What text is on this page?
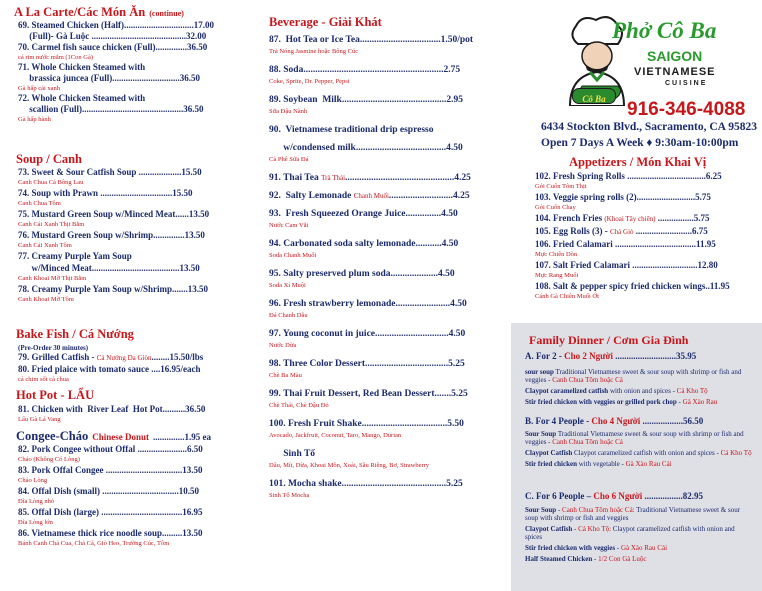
A La Carte/Các Món Ăn (continue)
69. Steamed Chicken (Half)...............................17.00
(Full)- Gà Luộc ..........................................32.00
70. Carmel fish sauce chicken (Full)..............36.50
cá rim nước mắm (1Con Gà)
71. Whole Chicken Steamed with
brassica juncea (Full)..............................36.50
Gà hấp cải xanh
72. Whole Chicken Steamed with
scallion (Full).............................................36.50
Gà hấp hành
Soup / Canh
73. Sweet & Sour Catfish Soup ...................15.50
Canh Chua Cá Bông Lau
74. Soup with Prawn ................................15.50
Canh Chua Tôm
75. Mustard Green Soup w/Minced Meat......13.50
Canh Cải Xanh Thịt Bằm
76. Mustard Green Soup w/Shrimp..............13.50
Canh Cải Xanh Tôm
77. Creamy Purple Yam Soup
w/Minced Meat.......................................13.50
Canh Khoai Mỡ Thịt Bằm
78. Creamy Purple Yam Soup w/Shrimp.......13.50
Canh Khoai Mỡ Tôm
Bake Fish / Cá Nướng
(Pre-Order 30 minutes)
79. Grilled Catfish - Cá Nướng Da Giòn........15.50/lbs
80. Fried plaice with tomato sauce ....16.95/each
cá chim sốt cà chua
Hot Pot - LẨU
81. Chicken with  River Leaf  Hot Pot..........36.50
Lẩu Gà Lá Vang
Congee-Cháo Chinese Donut ..............1.95 ea
82. Pork Congee without Offal ......................6.50
Cháo (Không Có Lòng)
83. Pork Offal Congee ..................................13.50
Cháo Lòng
84. Offal Dish (small) ..................................10.50
Đĩa Lòng nhỏ
85. Offal Dish (large) ....................................16.95
Đĩa Lòng lớn
86. Vietnamese thick rice noodle soup.........13.50
Bánh Canh Chả Cua, Chả Cá, Giò Heo, Trường Cúc, Tôm
Beverage - Giải Khát
87.  Hot Tea or Ice Tea..................................1.50/pot
Trà Nóng Jasmine hoặc Bông Cúc
88. Soda...........................................................2.75
Coke, Sprite, Dr. Pepper, Pepsi
89. Soybean  Milk............................................2.95
Sữa Đậu Nành
90.  Vietnamese traditional drip espresso
w/condensed milk......................................4.50
Cà Phê Sữa Đá
91. Thai Tea Trà Thái..............................................4.25
92.  Salty Lemonade Chanh Muối...........................4.25
93.  Fresh Squeezed Orange Juice...............4.50
Nước Cam Vắt
94. Carbonated soda salty lemonade...........4.50
Soda Chanh Muối
95. Salty preserved plum soda....................4.50
Soda Xí Muội
96. Fresh strawberry lemonade.......................4.50
Đá Chanh Dâu
97. Young coconut in juice...............................4.50
Nước Dừa
98. Three Color Dessert...................................5.25
Chè Ba Màu
99. Thai Fruit Dessert, Red Bean Dessert.......5.25
Chè Thái, Chè Đậu Đỏ
100. Fresh Fruit Shake....................................5.50
Avocado, Jackfruit, Coconut, Taro, Mango, Durian
Sinh Tố
Dâu, Mít, Dừa, Khoai Môn, Xoài, Sầu Riêng, Bơ, Strawberry
101. Mocha shake............................................5.25
Sinh Tố Mocha
Cô Ba
Phở Cô Ba
SAIGON
VIETNAMESE
CUISINE
916-346-4088
6434 Stockton Blvd., Sacramento, CA 95823
Open 7 Days A Week ♦ 9:30am-10:00pm
Appetizers / Món Khai Vị
102. Fresh Spring Rolls ...................................6.25
Gỏi Cuốn Tôm Thịt
103. Veggie spring rolls (2)..........................5.75
Gỏi Cuốn Chay
104. French Fries (Khoai Tây chiên) ................5.75
105. Egg Rolls (3) - Chả Giò .........................6.75
106. Fried Calamari ....................................11.95
Mực Chiên Dòn
107. Salt Fried Calamari .............................12.80
Mực Rang Muối
108. Salt & pepper spicy fried chicken wings..11.95
Cánh Gà Chiên Muối Ớt
Family Dinner / Cơm Gia Đình
A. For 2 - Cho 2 Người ...........................35.95
sour soup Traditional Vietnamese sweet & sour soup with shrimp or fish and veggies - Canh Chua Tôm hoặc Cá
Claypot caramelized catfish with onion and spices - Cá Kho Tộ
Stir fried chicken with veggies or grilled pork chop - Gà Xào Rau
B. For 4 People - Cho 4 Người ..................56.50
Sour Soup Traditional Vietnamese sweet & sour soup with shrimp or fish and veggies - Canh Chua Tôm hoặc Cá
Claypot Catfish Claypot caramelized catfish with onion and spices - Cá Kho Tộ
Stir fried chicken with vegetable - Gà Xào Rau Cải
C. For 6 People – Cho 6 Người .................82.95
Sour Soup - Canh Chua Tôm hoặc Cá: Traditional Vietnamese sweet & sour soup with shrimp or fish and veggies
Claypot Catfish - Cá Kho Tộ: Claypot caramelized catfish with onion and spices
Stir fried chicken with veggies - Gà Xào Rau Cải
Half Steamed Chicken - 1/2 Con Gà Luộc
